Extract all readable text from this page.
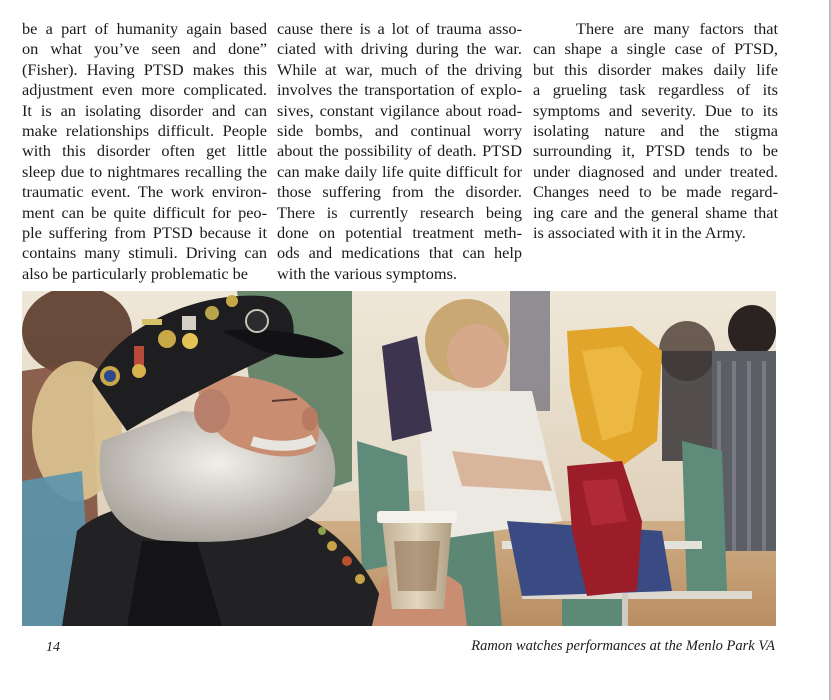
be a part of humanity again based
on what you’ve seen and done”
(Fisher). Having PTSD makes this
adjustment even more complicated.
It is an isolating disorder and can
make relationships difficult. People
with this disorder often get little
sleep due to nightmares recalling the
traumatic event. The work environ-
ment can be quite difficult for peo-
ple suffering from PTSD because it
contains many stimuli. Driving can
also be particularly problematic be
cause there is a lot of trauma asso-
ciated with driving during the war.
While at war, much of the driving
involves the transportation of explo-
sives, constant vigilance about road-
side bombs, and continual worry
about the possibility of death. PTSD
can make daily life quite difficult for
those suffering from the disorder.
There is currently research being
done on potential treatment meth-
ods and medications that can help
with the various symptoms.
There are many factors that
can shape a single case of PTSD,
but this disorder makes daily life
a grueling task regardless of its
symptoms and severity. Due to its
isolating nature and the stigma
surrounding it, PTSD tends to be
under diagnosed and under treated.
Changes need to be made regard-
ing care and the general shame that
is associated with it in the Army.
14	Ramon watches performances at the Menlo Park VA
